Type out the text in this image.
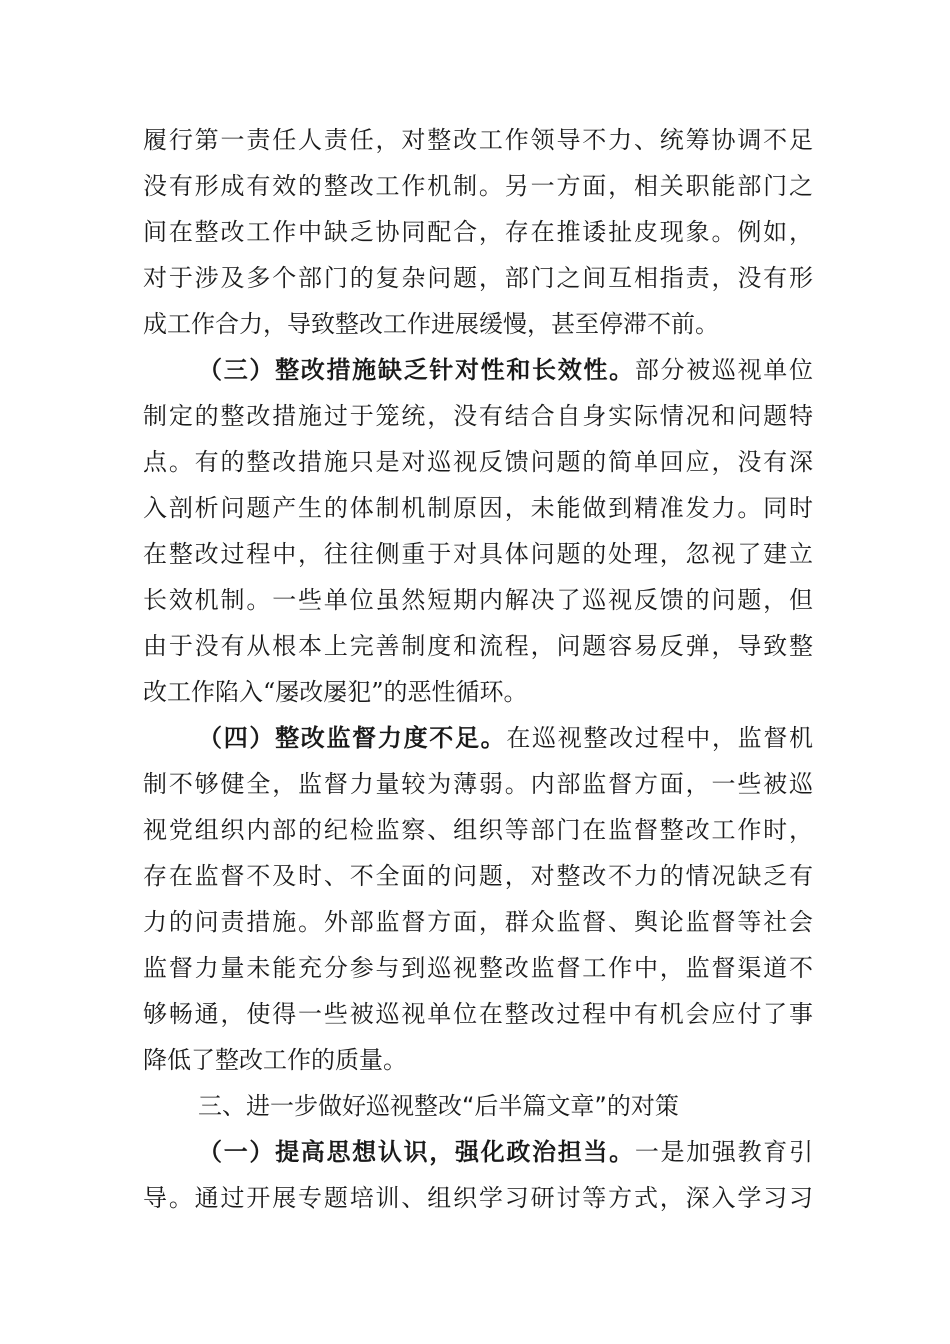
履行第一责任人责任，对整改工作领导不力、统筹协调不足
没有形成有效的整改工作机制。另一方面，相关职能部门之
间在整改工作中缺乏协同配合，存在推诿扯皮现象。例如，
对于涉及多个部门的复杂问题，部门之间互相指责，没有形
成工作合力，导致整改工作进展缓慢，甚至停滞不前。
（三）整改措施缺乏针对性和长效性。部分被巡视单位
制定的整改措施过于笼统，没有结合自身实际情况和问题特
点。有的整改措施只是对巡视反馈问题的简单回应，没有深
入剖析问题产生的体制机制原因，未能做到精准发力。同时
在整改过程中，往往侧重于对具体问题的处理，忽视了建立
长效机制。一些单位虽然短期内解决了巡视反馈的问题，但
由于没有从根本上完善制度和流程，问题容易反弹，导致整
改工作陷入“屡改屡犯”的恶性循环。
（四）整改监督力度不足。在巡视整改过程中，监督机
制不够健全，监督力量较为薄弱。内部监督方面，一些被巡
视党组织内部的纪检监察、组织等部门在监督整改工作时，
存在监督不及时、不全面的问题，对整改不力的情况缺乏有
力的问责措施。外部监督方面，群众监督、舆论监督等社会
监督力量未能充分参与到巡视整改监督工作中，监督渠道不
够畅通，使得一些被巡视单位在整改过程中有机会应付了事
降低了整改工作的质量。
三、进一步做好巡视整改“后半篇文章”的对策
（一）提高思想认识，强化政治担当。一是加强教育引
导。通过开展专题培训、组织学习研讨等方式，深入学习习
